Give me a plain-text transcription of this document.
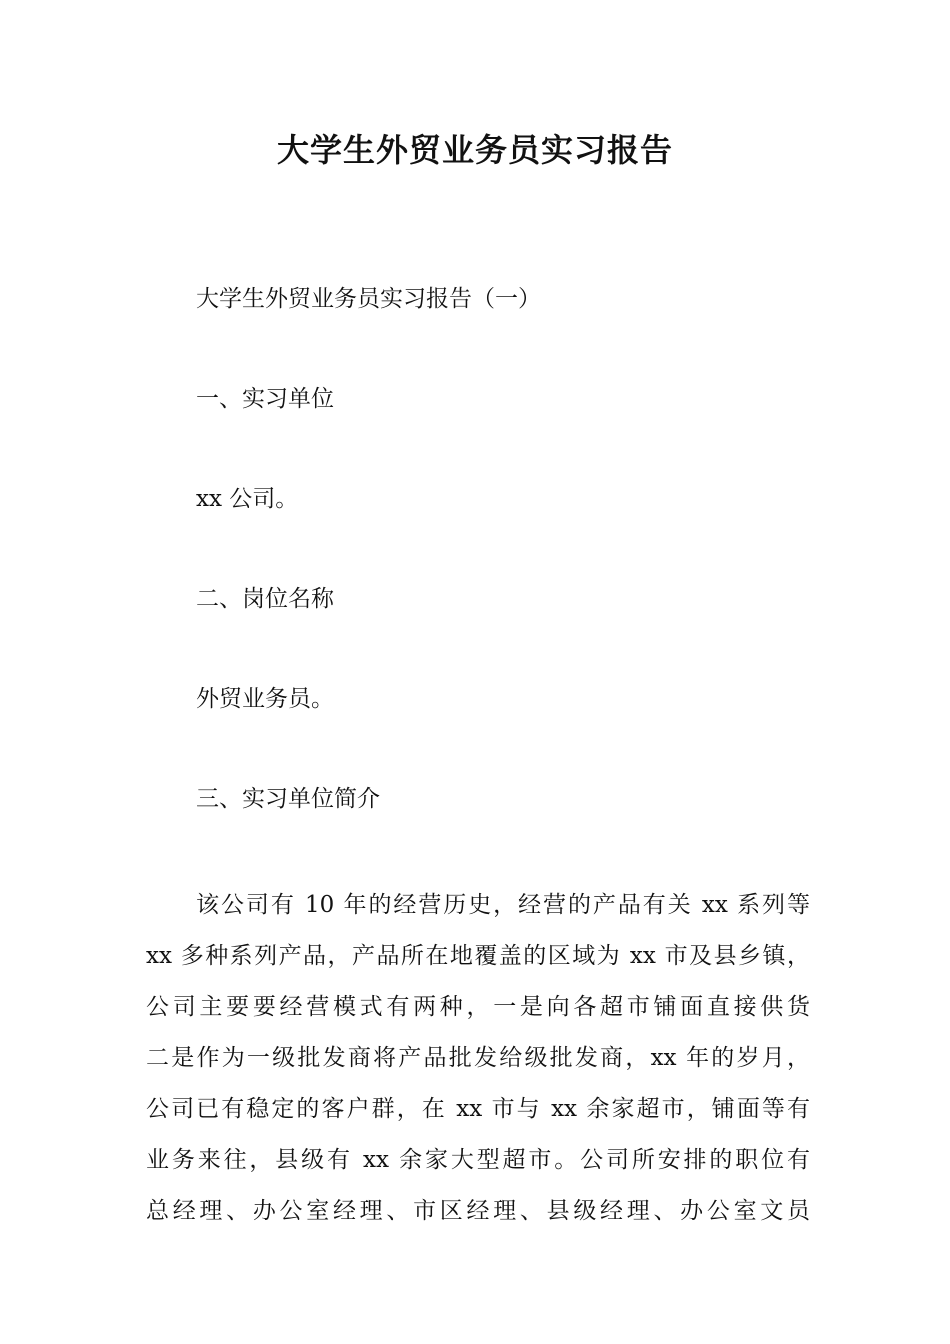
大学生外贸业务员实习报告

大学生外贸业务员实习报告（一）

一、实习单位

xx 公司。

二、岗位名称

外贸业务员。

三、实习单位简介

该公司有 10 年的经营历史，经营的产品有关 xx 系列等
xx 多种系列产品，产品所在地覆盖的区域为 xx 市及县乡镇，
公司主要要经营模式有两种，一是向各超市铺面直接供货
二是作为一级批发商将产品批发给级批发商，xx 年的岁月，
公司已有稳定的客户群，在 xx 市与 xx 余家超市，铺面等有
业务来往，县级有 xx 余家大型超市。公司所安排的职位有
总经理、办公室经理、市区经理、县级经理、办公室文员
